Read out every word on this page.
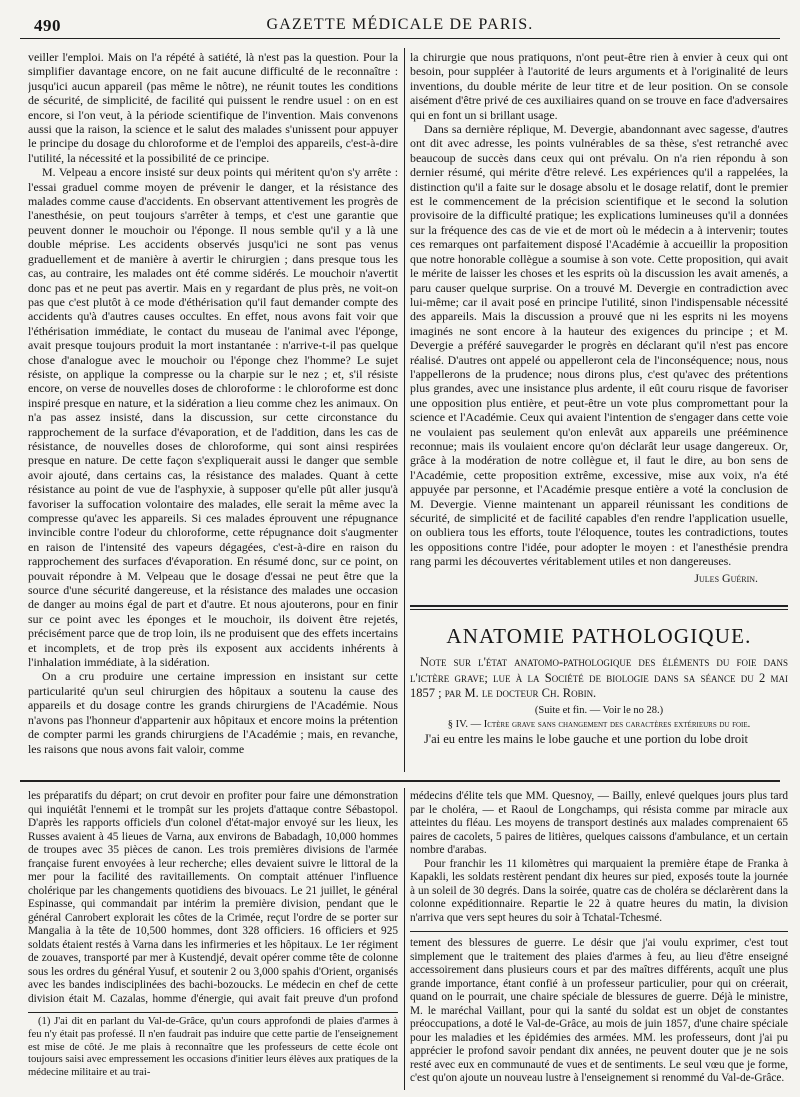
490	GAZETTE MÉDICALE DE PARIS.

veiller l'emploi. Mais on l'a répété à satiété, là n'est pas la question. Pour la simplifier davantage encore, on ne fait aucune difficulté de le reconnaître : jusqu'ici aucun appareil (pas même le nôtre), ne réunit toutes les conditions de sécurité, de simplicité, de facilité qui puissent le rendre usuel : on en est encore, si l'on veut, à la période scientifique de l'invention. Mais convenons aussi que la raison, la science et le salut des malades s'unissent pour appuyer le principe du dosage du chloroforme et de l'emploi des appareils, c'est-à-dire l'utilité, la nécessité et la possibilité de ce principe.

M. Velpeau a encore insisté sur deux points qui méritent qu'on s'y arrête : l'essai graduel comme moyen de prévenir le danger, et la résistance des malades comme cause d'accidents. En observant attentivement les progrès de l'anesthésie, on peut toujours s'arrêter à temps, et c'est une garantie que peuvent donner le mouchoir ou l'éponge. Il nous semble qu'il y a là une double méprise. Les accidents observés jusqu'ici ne sont pas venus graduellement et de manière à avertir le chirurgien ; dans presque tous les cas, au contraire, les malades ont été comme sidérés. Le mouchoir n'avertit donc pas et ne peut pas avertir. Mais en y regardant de plus près, ne voit-on pas que c'est plutôt à ce mode d'éthérisation qu'il faut demander compte des accidents qu'à d'autres causes occultes. En effet, nous avons fait voir que l'éthérisation immédiate, le contact du museau de l'animal avec l'éponge, avait presque toujours produit la mort instantanée : n'arrive-t-il pas quelque chose d'analogue avec le mouchoir ou l'éponge chez l'homme? Le sujet résiste, on applique la compresse ou la charpie sur le nez ; et, s'il résiste encore, on verse de nouvelles doses de chloroforme : le chloroforme est donc inspiré presque en nature, et la sidération a lieu comme chez les animaux. On n'a pas assez insisté, dans la discussion, sur cette circonstance du rapprochement de la surface d'évaporation, et de l'addition, dans les cas de résistance, de nouvelles doses de chloroforme, qui sont ainsi respirées presque en nature. De cette façon s'expliquerait aussi le danger que semble avoir ajouté, dans certains cas, la résistance des malades. Quant à cette résistance au point de vue de l'asphyxie, à supposer qu'elle pût aller jusqu'à favoriser la suffocation volontaire des malades, elle serait la même avec la compresse qu'avec les appareils. Si ces malades éprouvent une répugnance invincible contre l'odeur du chloroforme, cette répugnance doit s'augmenter en raison de l'intensité des vapeurs dégagées, c'est-à-dire en raison du rapprochement des surfaces d'évaporation. En résumé donc, sur ce point, on pouvait répondre à M. Velpeau que le dosage d'essai ne peut être que la source d'une sécurité dangereuse, et la résistance des malades une occasion de danger au moins égal de part et d'autre. Et nous ajouterons, pour en finir sur ce point avec les éponges et le mouchoir, ils doivent être rejetés, précisément parce que de trop loin, ils ne produisent que des effets incertains et incomplets, et de trop près ils exposent aux accidents inhérents à l'inhalation immédiate, à la sidération.

On a cru produire une certaine impression en insistant sur cette particularité qu'un seul chirurgien des hôpitaux a soutenu la cause des appareils et du dosage contre les grands chirurgiens de l'Académie. Nous n'avons pas l'honneur d'appartenir aux hôpitaux et encore moins la prétention de compter parmi les grands chirurgiens de l'Académie ; mais, en revanche, les raisons que nous avons fait valoir, comme

la chirurgie que nous pratiquons, n'ont peut-être rien à envier à ceux qui ont besoin, pour suppléer à l'autorité de leurs arguments et à l'originalité de leurs inventions, du double mérite de leur titre et de leur position. On se console aisément d'être privé de ces auxiliaires quand on se trouve en face d'adversaires qui en font un si brillant usage.

Dans sa dernière réplique, M. Devergie, abandonnant avec sagesse, d'autres ont dit avec adresse, les points vulnérables de sa thèse, s'est retranché avec beaucoup de succès dans ceux qui ont prévalu. On n'a rien répondu à son dernier résumé, qui mérite d'être relevé. Les expériences qu'il a rappelées, la distinction qu'il a faite sur le dosage absolu et le dosage relatif, dont le premier est le commencement de la précision scientifique et le second la solution provisoire de la difficulté pratique; les explications lumineuses qu'il a données sur la fréquence des cas de vie et de mort où le médecin a à intervenir; toutes ces remarques ont parfaitement disposé l'Académie à accueillir la proposition que notre honorable collègue a soumise à son vote. Cette proposition, qui avait le mérite de laisser les choses et les esprits où la discussion les avait amenés, a paru causer quelque surprise. On a trouvé M. Devergie en contradiction avec lui-même; car il avait posé en principe l'utilité, sinon l'indispensable nécessité des appareils. Mais la discussion a prouvé que ni les esprits ni les moyens imaginés ne sont encore à la hauteur des exigences du principe ; et M. Devergie a préféré sauvegarder le progrès en déclarant qu'il n'est pas encore réalisé. D'autres ont appelé ou appelleront cela de l'inconséquence; nous, nous l'appellerons de la prudence; nous dirons plus, c'est qu'avec des prétentions plus grandes, avec une insistance plus ardente, il eût couru risque de favoriser une opposition plus entière, et peut-être un vote plus compromettant pour la science et l'Académie. Ceux qui avaient l'intention de s'engager dans cette voie ne voulaient pas seulement qu'on enlevât aux appareils une prééminence reconnue; mais ils voulaient encore qu'on déclarât leur usage dangereux. Or, grâce à la modération de notre collègue et, il faut le dire, au bon sens de l'Académie, cette proposition extrême, excessive, mise aux voix, n'a été appuyée par personne, et l'Académie presque entière a voté la conclusion de M. Devergie. Vienne maintenant un appareil réunissant les conditions de sécurité, de simplicité et de facilité capables d'en rendre l'application usuelle, on oubliera tous les efforts, toute l'éloquence, toutes les contradictions, toutes les oppositions contre l'idée, pour adopter le moyen : et l'anesthésie prendra rang parmi les découvertes véritablement utiles et non dangereuses.

Jules Guérin.
ANATOMIE PATHOLOGIQUE.
Note sur l'état anatomo-pathologique des éléments du foie dans l'ictère grave; lue à la Société de biologie dans sa séance du 2 mai 1857 ; par M. le docteur Ch. Robin.
(Suite et fin. — Voir le no 28.)
§ IV. — Ictère grave sans changement des caractères extérieurs du foie.

J'ai eu entre les mains le lobe gauche et une portion du lobe droit

les préparatifs du départ; on crut devoir en profiter pour faire une démonstration qui inquiétât l'ennemi et le trompât sur les projets d'attaque contre Sébastopol. D'après les rapports officiels d'un colonel d'état-major envoyé sur les lieux, les Russes avaient à 45 lieues de Varna, aux environs de Babadagh, 10,000 hommes de troupes avec 35 pièces de canon. Les trois premières divisions de l'armée française furent envoyées à leur recherche; elles devaient suivre le littoral de la mer pour la facilité des ravitaillements. On comptait atténuer l'influence cholérique par les changements quotidiens des bivouacs. Le 21 juillet, le général Espinasse, qui commandait par intérim la première division, pendant que le général Canrobert explorait les côtes de la Crimée, reçut l'ordre de se porter sur Mangalia à la tête de 10,500 hommes, dont 328 officiers. 16 officiers et 925 soldats étaient restés à Varna dans les infirmeries et les hôpitaux. Le 1er régiment de zouaves, transporté par mer à Kustendjé, devait opérer comme tête de colonne sous les ordres du général Yusuf, et soutenir 2 ou 3,000 spahis d'Orient, organisés avec les bandes indisciplinées des bachi-bozoucks. Le médecin en chef de cette division était M. Cazalas, homme d'énergie, qui avait fait preuve d'un profond

médecins d'élite tels que MM. Quesnoy, — Bailly, enlevé quelques jours plus tard par le choléra, — et Raoul de Longchamps, qui résista comme par miracle aux atteintes du fléau. Les moyens de transport destinés aux malades comprenaient 65 paires de cacolets, 5 paires de litières, quelques caissons d'ambulance, et un certain nombre d'arabas.

Pour franchir les 11 kilomètres qui marquaient la première étape de Franka à Kapakli, les soldats restèrent pendant dix heures sur pied, exposés toute la journée à un soleil de 30 degrés. Dans la soirée, quatre cas de choléra se déclarèrent dans la colonne expéditionnaire. Repartie le 22 à quatre heures du matin, la division n'arriva que vers sept heures du soir à Tchatal-Tchesmé.

tement des blessures de guerre. Le désir que j'ai voulu exprimer, c'est tout simplement que le traitement des plaies d'armes à feu, au lieu d'être enseigné accessoirement dans plusieurs cours et par des maîtres différents, acquît une plus grande importance, étant confié à un professeur particulier, pour qui on créerait, quand on le pourrait, une chaire spéciale de blessures de guerre. Déjà le ministre, M. le maréchal Vaillant, pour qui la santé du soldat est un objet de constantes préoccupations, a doté le Val-de-Grâce, au mois de juin 1857, d'une chaire spéciale pour les maladies et les épidémies des armées. MM. les professeurs, dont j'ai pu apprécier le profond savoir pendant dix années, ne peuvent douter que je ne sois resté avec eux en communauté de vues et de sentiments. Le seul vœu que je forme, c'est qu'on ajoute un nouveau lustre à l'enseignement si renommé du Val-de-Grâce.

(1) J'ai dit en parlant du Val-de-Grâce, qu'un cours approfondi de plaies d'armes à feu n'y était pas professé. Il n'en faudrait pas induire que cette partie de l'enseignement est mise de côté. Je me plais à reconnaître que les professeurs de cette école ont toujours saisi avec empressement les occasions d'initier leurs élèves aux pratiques de la médecine militaire et au trai-
